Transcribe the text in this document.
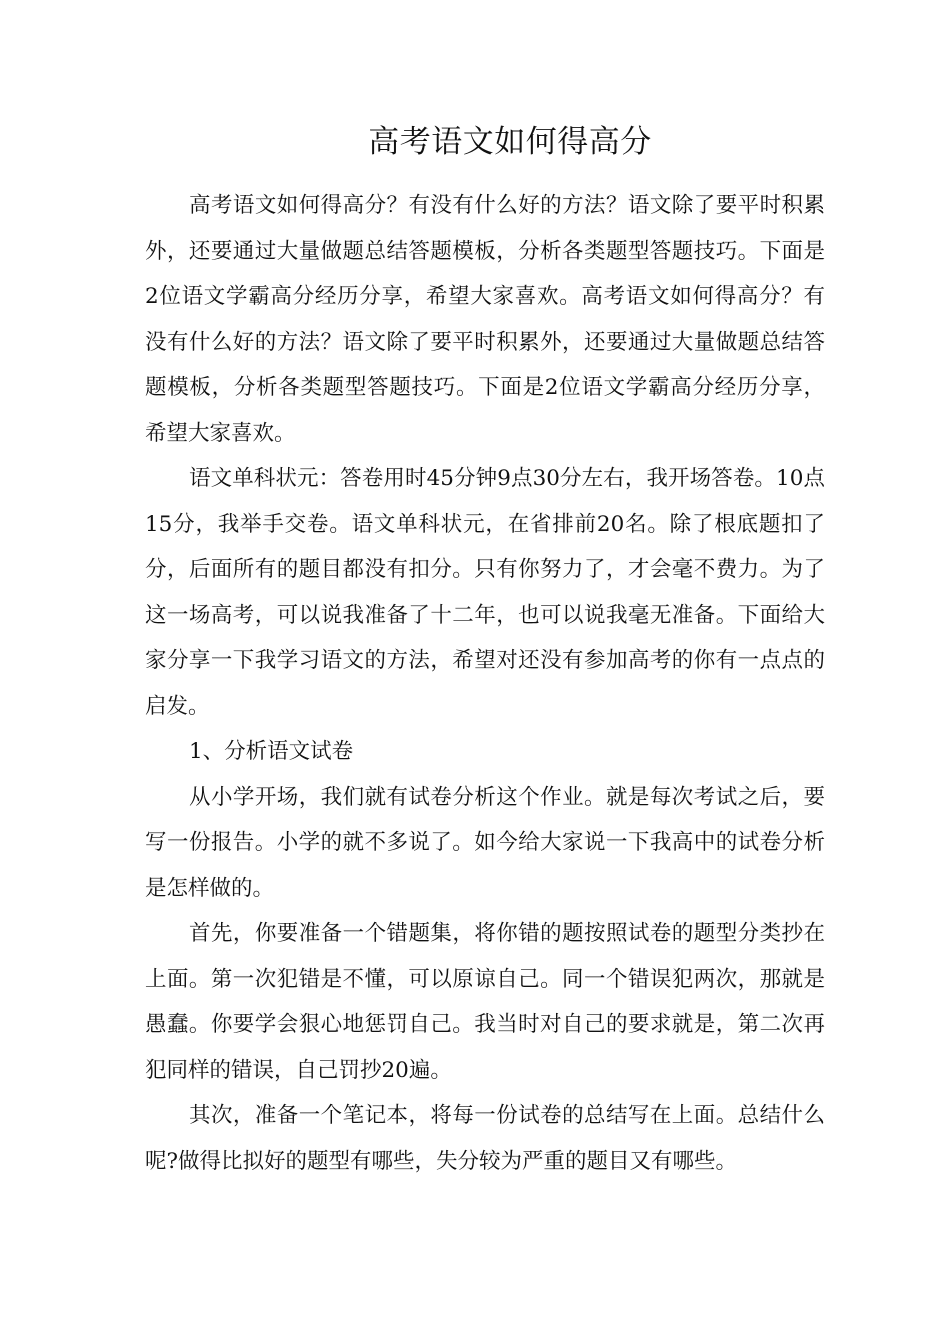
高考语文如何得高分

高考语文如何得高分？有没有什么好的方法？语文除了要平时积累外，还要通过大量做题总结答题模板，分析各类题型答题技巧。下面是2位语文学霸高分经历分享，希望大家喜欢。高考语文如何得高分？有没有什么好的方法？语文除了要平时积累外，还要通过大量做题总结答题模板，分析各类题型答题技巧。下面是2位语文学霸高分经历分享，希望大家喜欢。

语文单科状元：答卷用时45分钟9点30分左右，我开场答卷。10点15分，我举手交卷。语文单科状元，在省排前20名。除了根底题扣了分，后面所有的题目都没有扣分。只有你努力了，才会毫不费力。为了这一场高考，可以说我准备了十二年，也可以说我毫无准备。下面给大家分享一下我学习语文的方法，希望对还没有参加高考的你有一点点的启发。

1、分析语文试卷

从小学开场，我们就有试卷分析这个作业。就是每次考试之后，要写一份报告。小学的就不多说了。如今给大家说一下我高中的试卷分析是怎样做的。

首先，你要准备一个错题集，将你错的题按照试卷的题型分类抄在上面。第一次犯错是不懂，可以原谅自己。同一个错误犯两次，那就是愚蠢。你要学会狠心地惩罚自己。我当时对自己的要求就是，第二次再犯同样的错误，自己罚抄20遍。

其次，准备一个笔记本，将每一份试卷的总结写在上面。总结什么呢?做得比拟好的题型有哪些，失分较为严重的题目又有哪些。
